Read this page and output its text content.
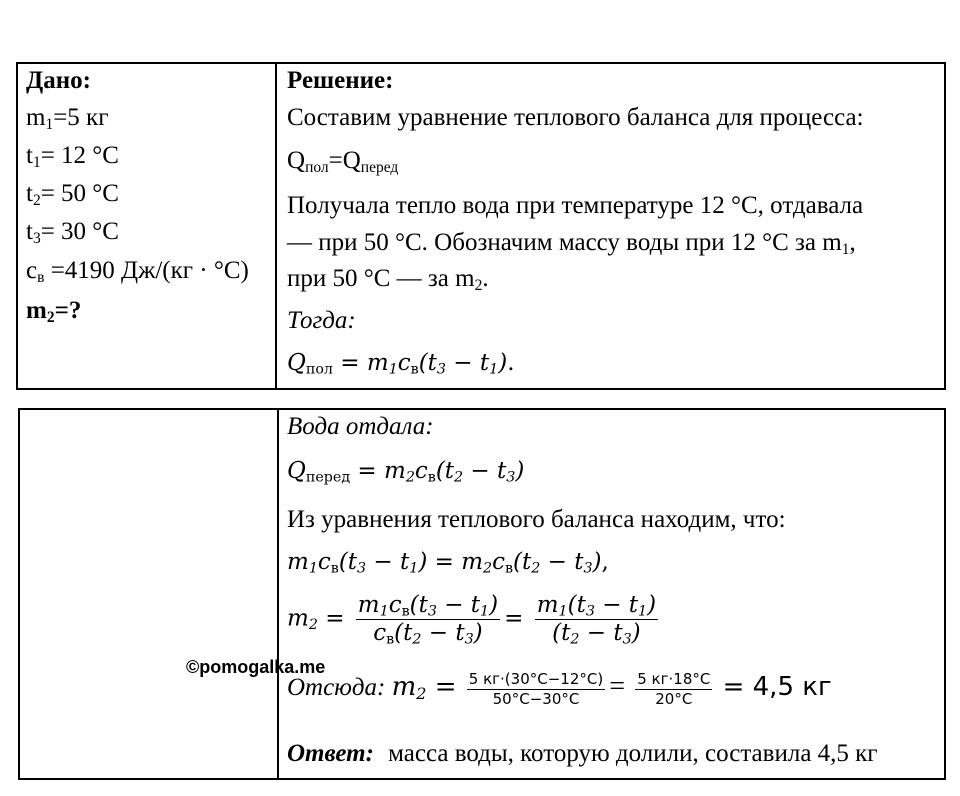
Дано:
$m_1=5$ кг
$t_1= 12$ °C
$t_2= 50$ °C
$t_3= 30$ °C
$c_в =4190$ Дж/(кг · °C)
$m_2=$?
Решение:
Составим уравнение теплового баланса для процесса:
$Q_{пол}=Q_{перед}$
Получала тепло вода при температуре 12 °C, отдавала
— при 50 °C. Обозначим массу воды при 12 °C за $m_1$,
при 50 °C — за $m_2$.
Тогда:
$Q_{пол} = m_1c_в(t_3 - t_1)$.
Вода отдала:
$Q_{перед} = m_2c_в(t_2 - t_3)$
Из уравнения теплового баланса находим, что:
$m_1c_в(t_3 - t_1) = m_2c_в(t_2 - t_3)$,
$m_2 = \frac{m_1c_в(t_3 - t_1)}{c_в(t_2 - t_3)} = \frac{m_1(t_3 - t_1)}{(t_2 - t_3)}$
Отсюда: $m_2 = \frac{5 кг\cdot(30^\circ C-12^\circ C)}{50^\circ C-30^\circ C} = \frac{5 кг\cdot 18^\circ C}{20^\circ C} = 4,5$ кг
Ответ: масса воды, которую долили, составила 4,5 кг
©pomogalka.me
